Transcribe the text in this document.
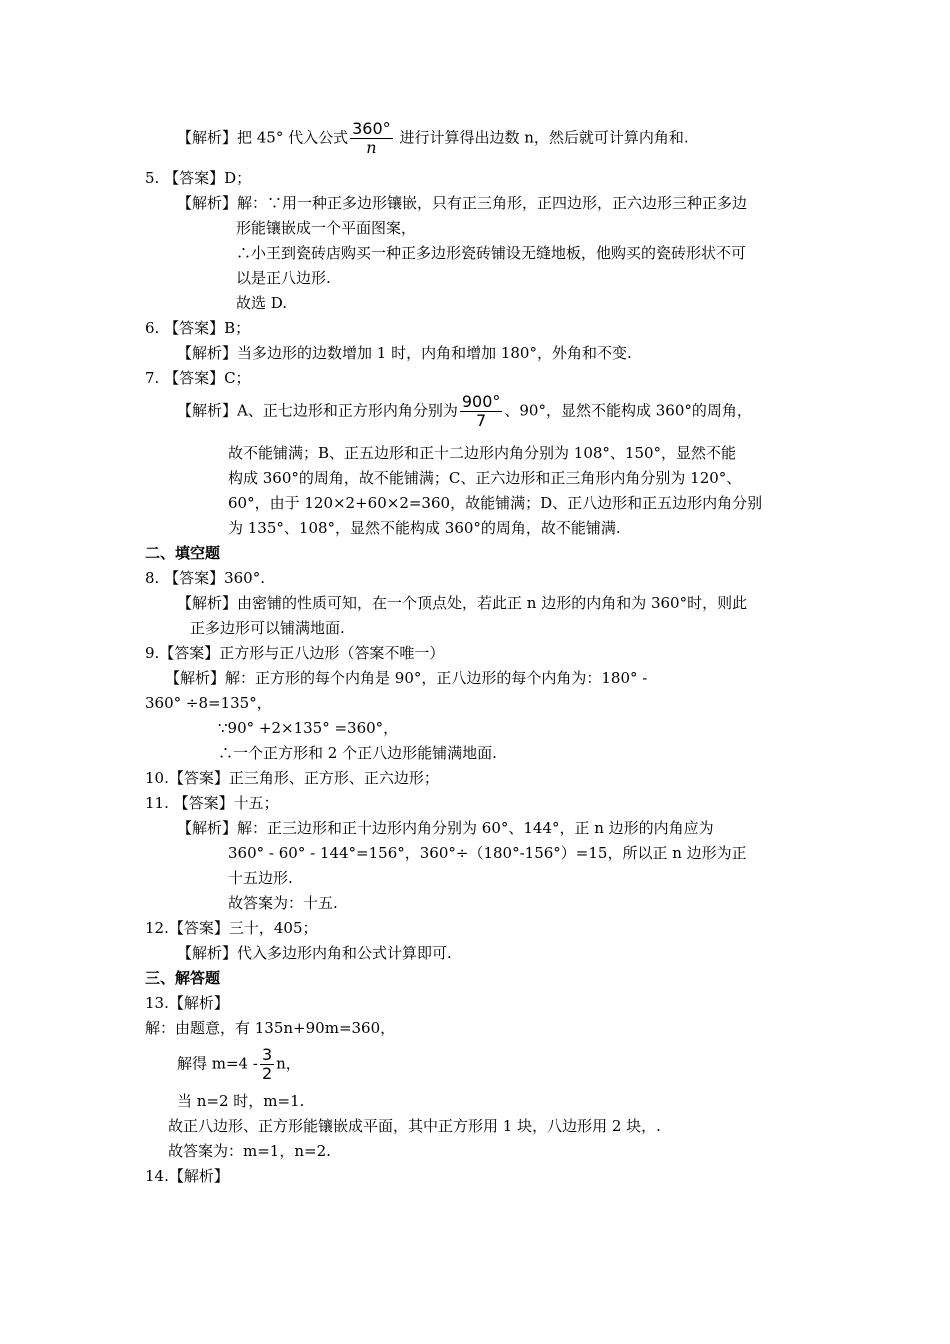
【解析】把 45° 代入公式 $\frac{360^\circ}{n}$ 进行计算得出边数 n，然后就可计算内角和.
5. 【答案】D；
【解析】解：∵用一种正多边形镶嵌，只有正三角形，正四边形，正六边形三种正多边
形能镶嵌成一个平面图案，
∴小王到瓷砖店购买一种正多边形瓷砖铺设无缝地板，他购买的瓷砖形状不可
以是正八边形.
故选 D.
6. 【答案】B；
【解析】当多边形的边数增加 1 时，内角和增加 180°，外角和不变.
7. 【答案】C；
【解析】A、正七边形和正方形内角分别为 $\frac{900^\circ}{7}$ 、90°，显然不能构成 360°的周角，
故不能铺满；B、正五边形和正十二边形内角分别为 108°、150°，显然不能
构成 360°的周角，故不能铺满；C、正六边形和正三角形内角分别为 120°、
60°，由于 120×2+60×2=360，故能铺满；D、正八边形和正五边形内角分别
为 135°、108°，显然不能构成 360°的周角，故不能铺满.
二、填空题
8. 【答案】360°.
【解析】由密铺的性质可知，在一个顶点处，若此正 n 边形的内角和为 360°时，则此
正多边形可以铺满地面.
9.【答案】正方形与正八边形（答案不唯一）
【解析】解：正方形的每个内角是 90°，正八边形的每个内角为：180° -
360° ÷8=135°，
∵90° +2×135° =360°，
∴一个正方形和 2 个正八边形能铺满地面.
10.【答案】正三角形、正方形、正六边形；
11. 【答案】十五；
【解析】解：正三边形和正十边形内角分别为 60°、144°，正 n 边形的内角应为
360° - 60° - 144°=156°，360°÷（180°-156°）=15，所以正 n 边形为正
十五边形.
故答案为：十五.
12.【答案】三十，405；
【解析】代入多边形内角和公式计算即可.
三、解答题
13.【解析】
解：由题意，有 135n+90m=360，
解得 $m=4 - \frac{3}{2}$ n，
当 n=2 时，m=1.
故正八边形、正方形能镶嵌成平面，其中正方形用 1 块，八边形用 2 块，.
故答案为：m=1，n=2.
14.【解析】
